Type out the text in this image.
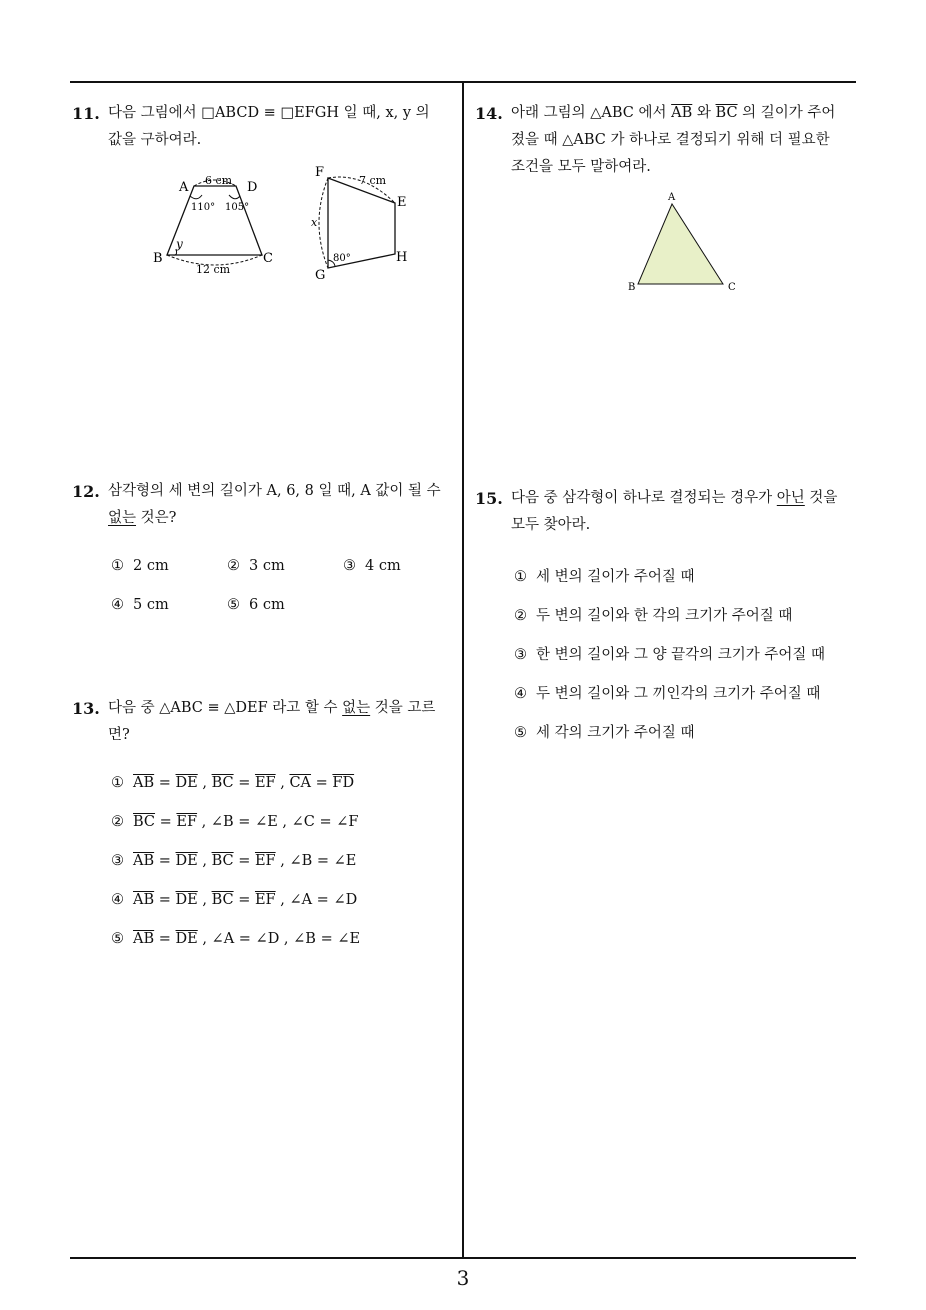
3
11. 다음 그림에서 □ABCD ≡ □EFGH 일 때, x, y 의
값을 구하여라.
A	D
B	C
6 cm
12 cm
110° 105°
y
F
E
H
G
7 cm
x
80°
12. 삼각형의 세 변의 길이가 A, 6, 8 일 때, A 값이 될 수
없는 것은?
① 2 cm	② 3 cm	③ 4 cm
④ 5 cm	⑤ 6 cm
13. 다음 중 △ABC ≡ △DEF 라고 할 수 없는 것을 고르
면?
① $\overline{AB} = \overline{DE}$ , $\overline{BC} = \overline{EF}$ , $\overline{CA} = \overline{FD}$
② $\overline{BC} = \overline{EF}$ , ∠B = ∠E , ∠C = ∠F
③ $\overline{AB} = \overline{DE}$ , $\overline{BC} = \overline{EF}$ , ∠B = ∠E
④ $\overline{AB} = \overline{DE}$ , $\overline{BC} = \overline{EF}$ , ∠A = ∠D
⑤ $\overline{AB} = \overline{DE}$ , ∠A = ∠D , ∠B = ∠E
14. 아래 그림의 △ABC 에서 $\overline{AB}$ 와 $\overline{BC}$ 의 길이가 주어
졌을 때 △ABC 가 하나로 결정되기 위해 더 필요한
조건을 모두 말하여라.
A
B	C
15. 다음 중 삼각형이 하나로 결정되는 경우가 아닌 것을
모두 찾아라.
① 세 변의 길이가 주어질 때
② 두 변의 길이와 한 각의 크기가 주어질 때
③ 한 변의 길이와 그 양 끝각의 크기가 주어질 때
④ 두 변의 길이와 그 끼인각의 크기가 주어질 때
⑤ 세 각의 크기가 주어질 때
